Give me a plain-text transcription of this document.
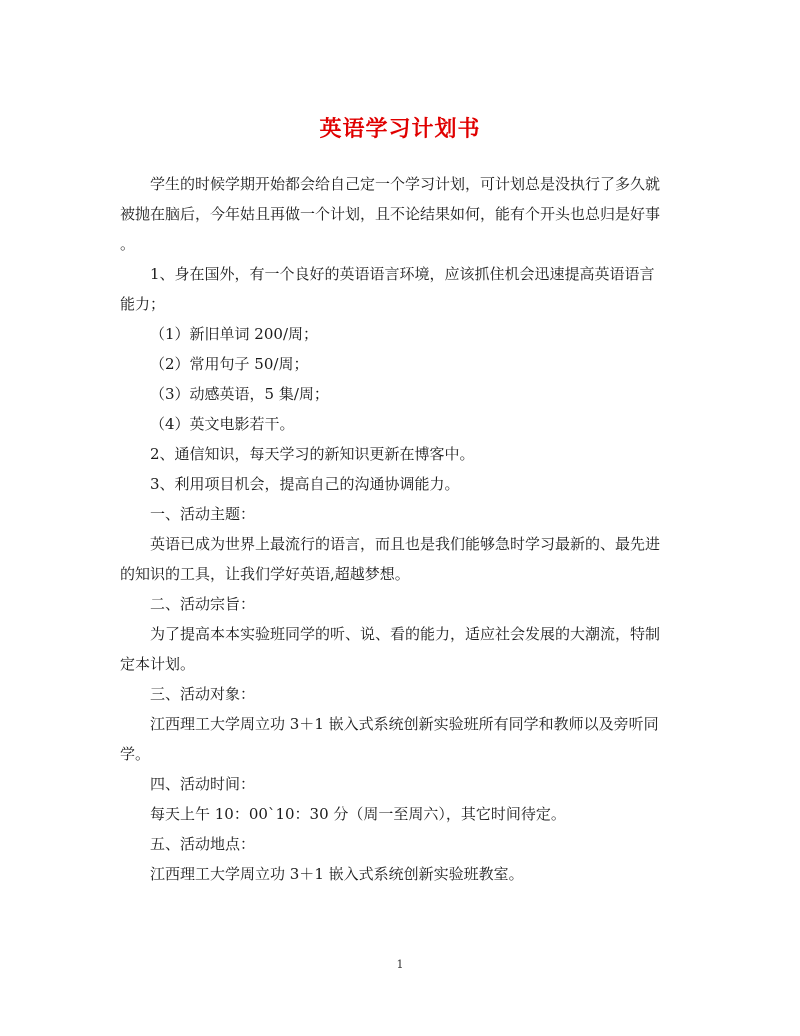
英语学习计划书
学生的时候学期开始都会给自己定一个学习计划，可计划总是没执行了多久就
被抛在脑后，今年姑且再做一个计划，且不论结果如何，能有个开头也总归是好事
。
1、身在国外，有一个良好的英语语言环境，应该抓住机会迅速提高英语语言
能力；
（1）新旧单词 200/周；
（2）常用句子 50/周；
（3）动感英语，5 集/周；
（4）英文电影若干。
2、通信知识，每天学习的新知识更新在博客中。
3、利用项目机会，提高自己的沟通协调能力。
一、活动主题：
英语已成为世界上最流行的语言，而且也是我们能够急时学习最新的、最先进
的知识的工具，让我们学好英语,超越梦想。
二、活动宗旨：
为了提高本本实验班同学的听、说、看的能力，适应社会发展的大潮流，特制
定本计划。
三、活动对象：
江西理工大学周立功 3＋1 嵌入式系统创新实验班所有同学和教师以及旁听同
学。
四、活动时间：
每天上午 10：00`10：30 分（周一至周六），其它时间待定。
五、活动地点：
江西理工大学周立功 3＋1 嵌入式系统创新实验班教室。
1
